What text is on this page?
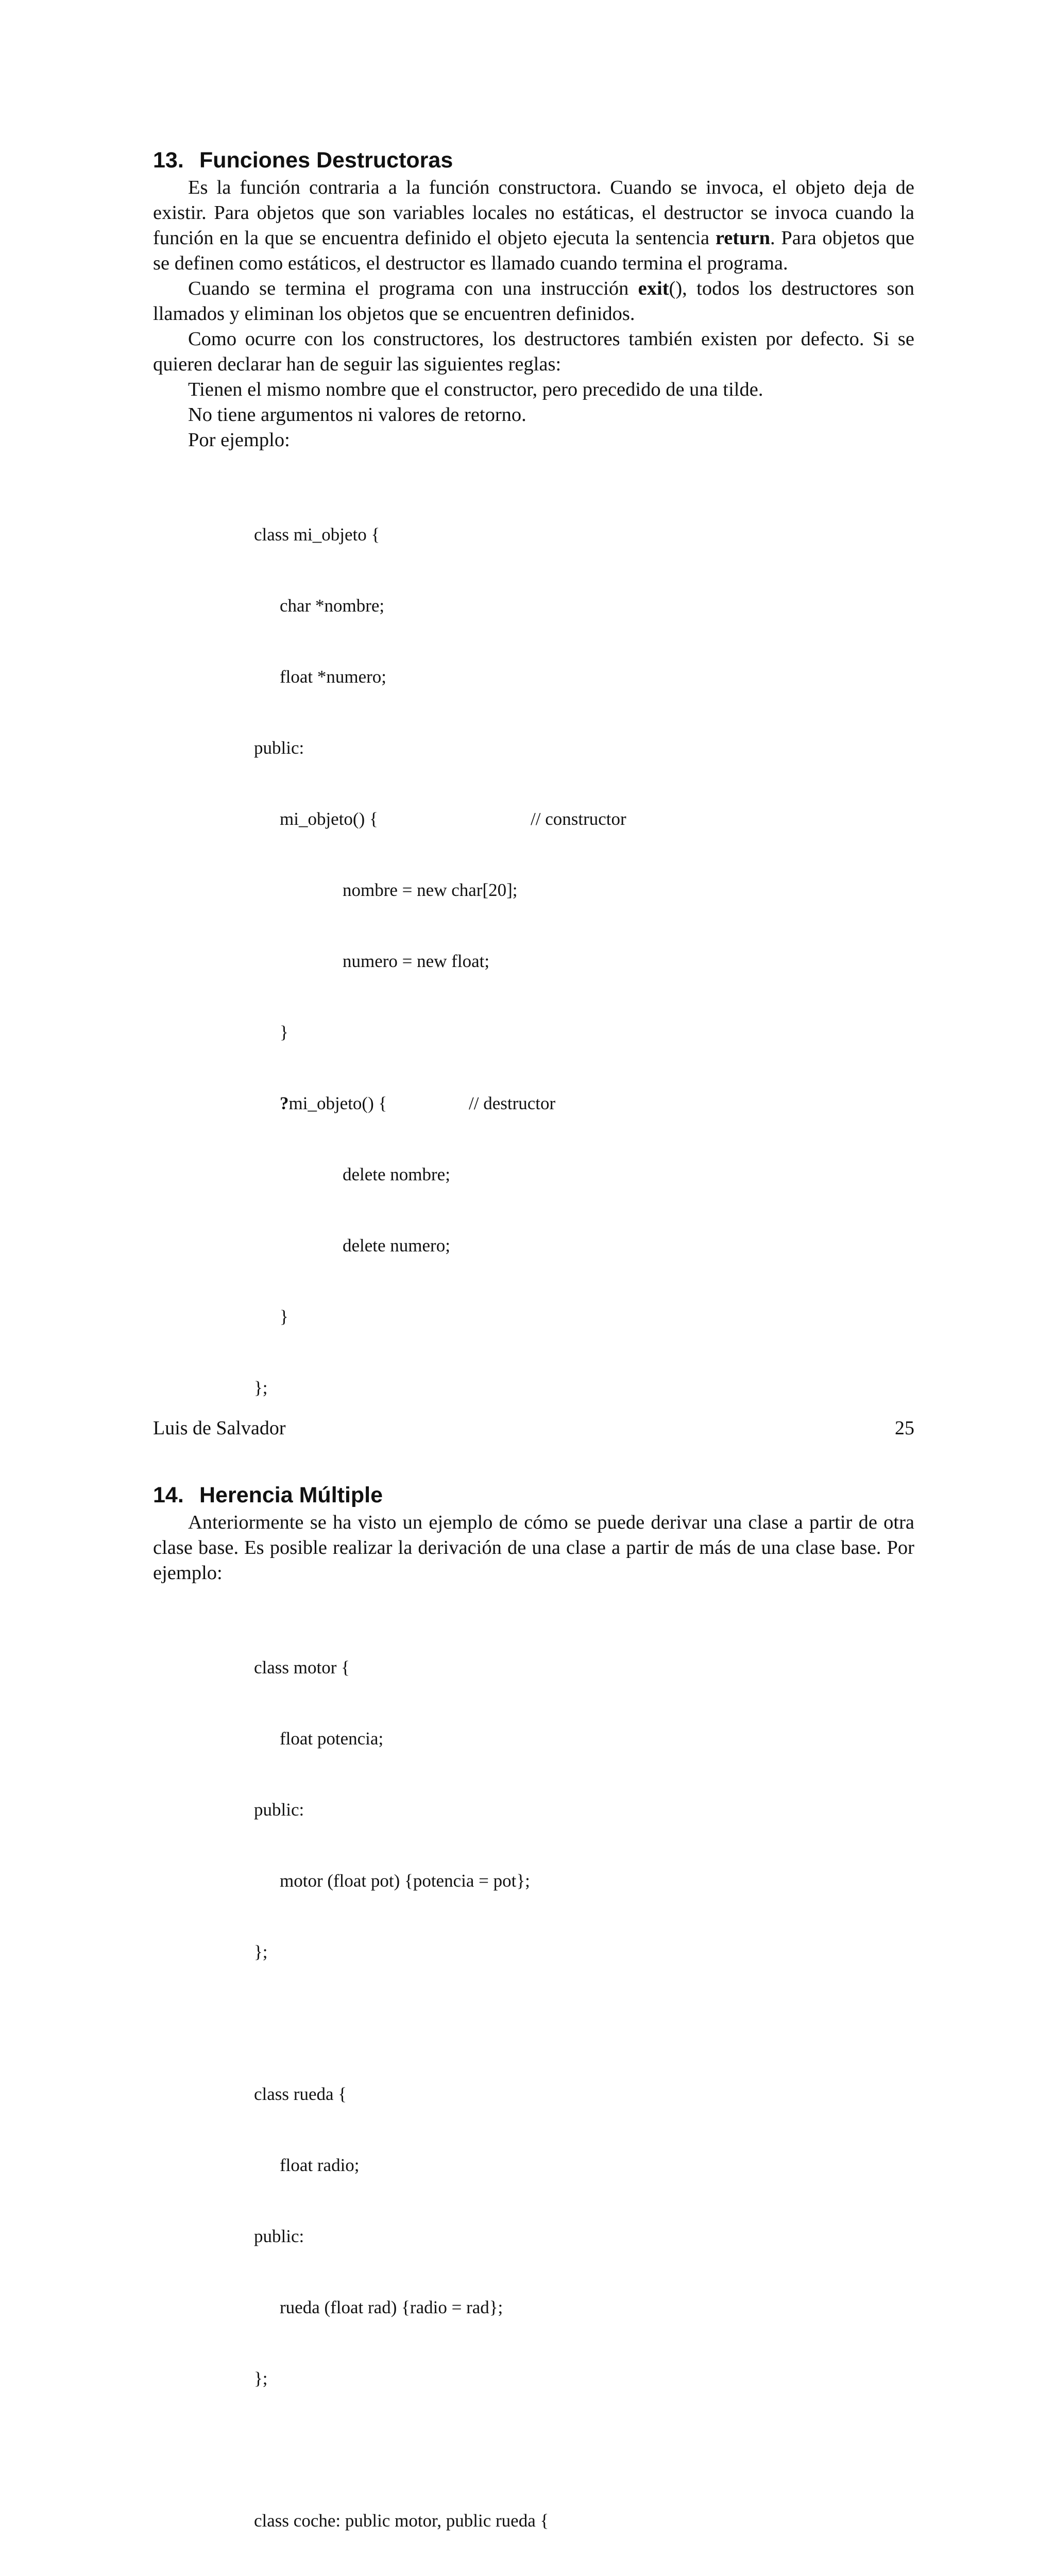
13. Funciones Destructoras

Es la función contraria a la función constructora. Cuando se invoca, el objeto deja de existir. Para objetos que son variables locales no estáticas, el destructor se invoca cuando la función en la que se encuentra definido el objeto ejecuta la sentencia return. Para objetos que se definen como estáticos, el destructor es llamado cuando termina el programa.

Cuando se termina el programa con una instrucción exit(), todos los destructores son llamados y eliminan los objetos que se encuentren definidos.

Como ocurre con los constructores, los destructores también existen por defecto. Si se quieren declarar han de seguir las siguientes reglas:

Tienen el mismo nombre que el constructor, pero precedido de una tilde.

No tiene argumentos ni valores de retorno.

Por ejemplo:

class mi_objeto {

char *nombre;

float *numero;

public:

mi_objeto() {	// constructor

nombre = new char[20];

numero = new float;

}

?mi_objeto() {	// destructor

delete nombre;

delete numero;

}

};

14. Herencia Múltiple

Anteriormente se ha visto un ejemplo de cómo se puede derivar una clase a partir de otra clase base. Es posible realizar la derivación de una clase a partir de más de una clase base. Por ejemplo:

class motor {

float potencia;

public:

motor (float pot) {potencia = pot};

};

class rueda {

float radio;

public:

rueda (float rad) {radio = rad};

};

class coche: public motor, public rueda {

Luis de Salvador	25
